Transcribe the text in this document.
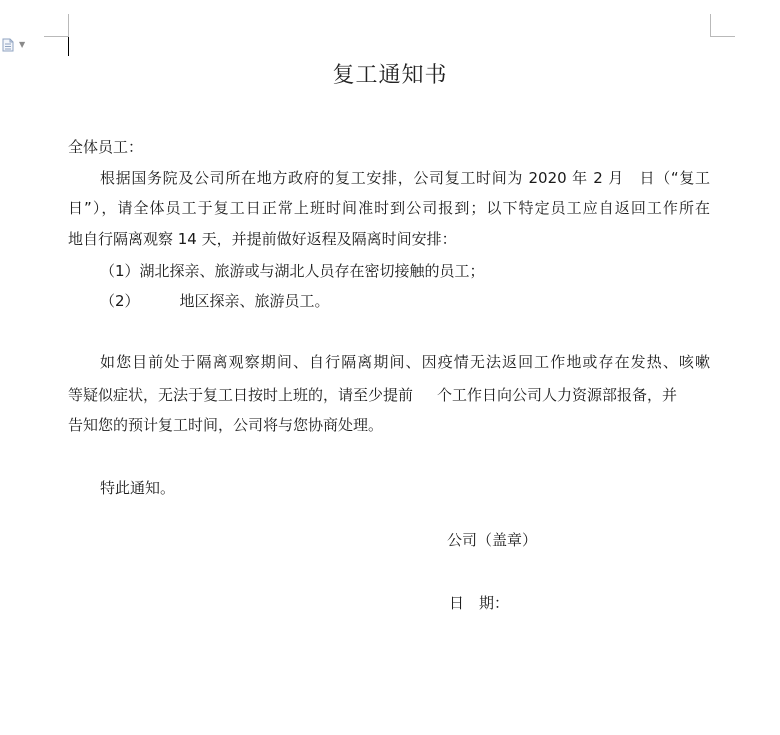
▼
复工通知书
全体员工：
根据国务院及公司所在地方政府的复工安排，公司复工时间为 2020 年 2 月　日（“复工
日”），请全体员工于复工日正常上班时间准时到公司报到；以下特定员工应自返回工作所在
地自行隔离观察 14 天，并提前做好返程及隔离时间安排：
（1）湖北探亲、旅游或与湖北人员存在密切接触的员工；
（2）	地区探亲、旅游员工。
如您目前处于隔离观察期间、自行隔离期间、因疫情无法返回工作地或存在发热、咳嗽
等疑似症状，无法于复工日按时上班的，请至少提前 个工作日向公司人力资源部报备，并
告知您的预计复工时间，公司将与您协商处理。
特此通知。
公司（盖章）
日　期：
